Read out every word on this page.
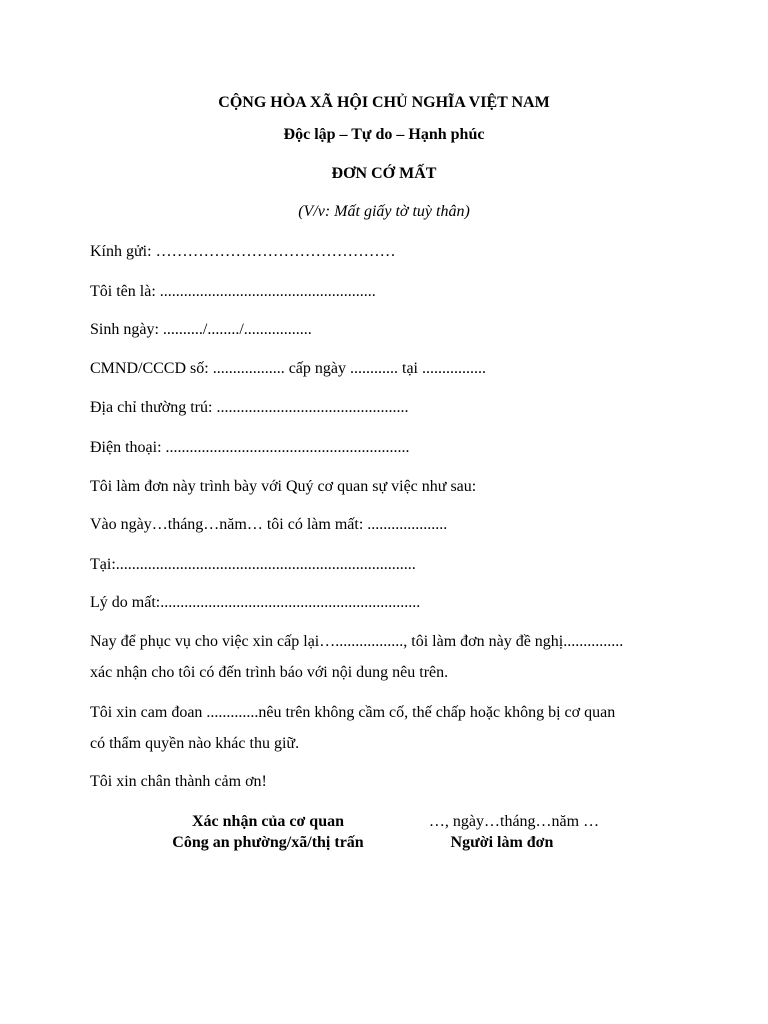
CỘNG HÒA XÃ HỘI CHỦ NGHĨA VIỆT NAM
Độc lập – Tự do – Hạnh phúc
ĐƠN CỚ MẤT
(V/v: Mất giấy tờ tuỳ thân)
Kính gửi: ………………………………………
Tôi tên là: ......................................................
Sinh ngày: ........../......../.................
CMND/CCCD số: .................. cấp ngày ............ tại ................
Địa chỉ thường trú: ................................................
Điện thoại: .............................................................
Tôi làm đơn này trình bày với Quý cơ quan sự việc như sau:
Vào ngày…tháng…năm… tôi có làm mất: ....................
Tại:...........................................................................
Lý do mất:.................................................................
Nay để phục vụ cho việc xin cấp lại…................., tôi làm đơn này đề nghị...............
xác nhận cho tôi có đến trình báo với nội dung nêu trên.
Tôi xin cam đoan .............nêu trên không cầm cố, thế chấp hoặc không bị cơ quan
có thẩm quyền nào khác thu giữ.
Tôi xin chân thành cảm ơn!
Xác nhận của cơ quan
Công an phường/xã/thị trấn
…, ngày…tháng…năm …
Người làm đơn
